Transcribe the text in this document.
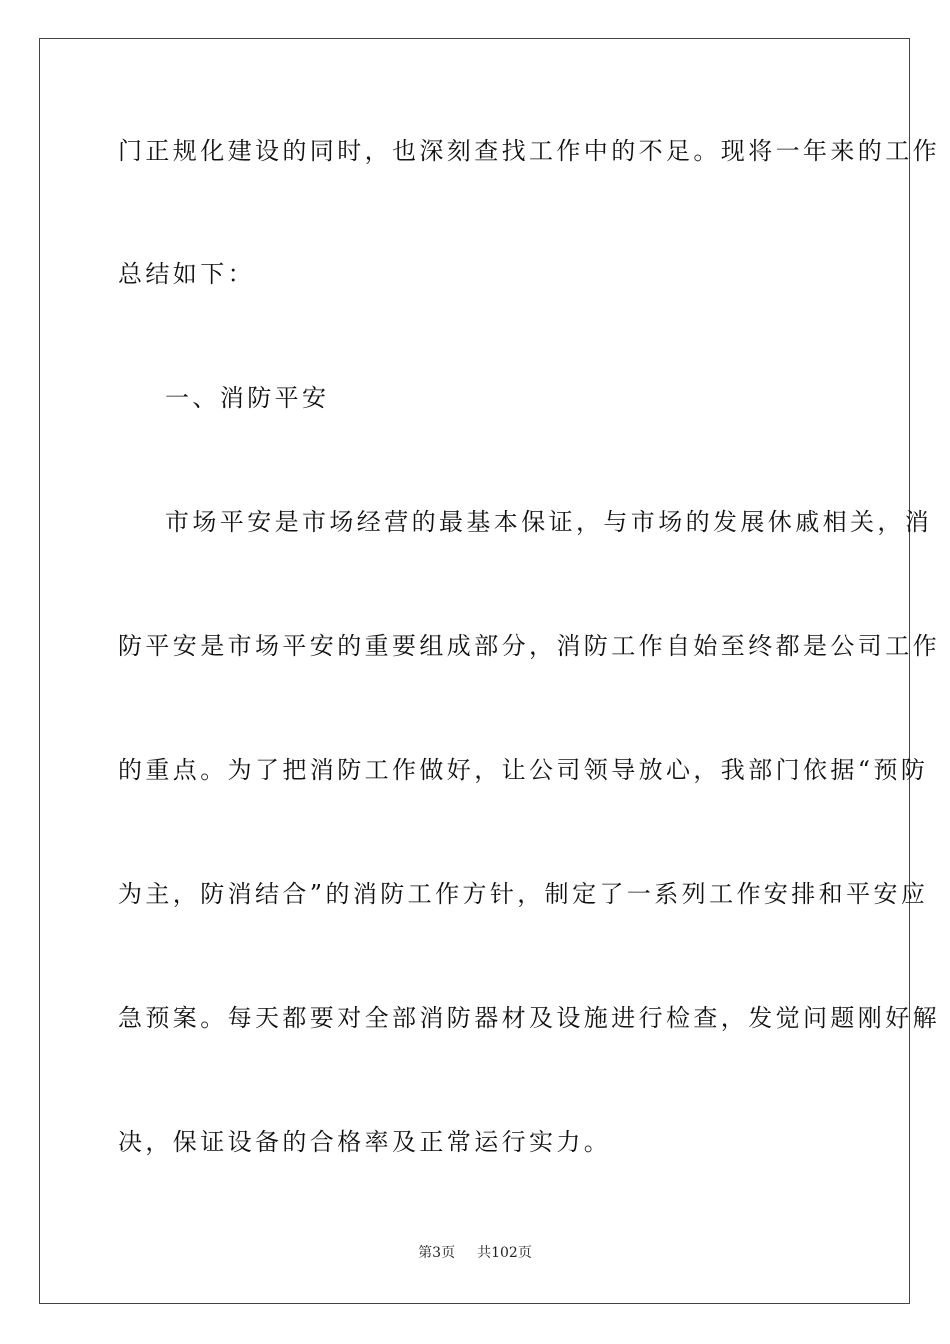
门正规化建设的同时，也深刻查找工作中的不足。现将一年来的工作
总结如下：
一、消防平安
市场平安是市场经营的最基本保证，与市场的发展休戚相关，消
防平安是市场平安的重要组成部分，消防工作自始至终都是公司工作
的重点。为了把消防工作做好，让公司领导放心，我部门依据“预防
为主，防消结合”的消防工作方针，制定了一系列工作安排和平安应
急预案。每天都要对全部消防器材及设施进行检查，发觉问题刚好解
决，保证设备的合格率及正常运行实力。
第3页 共102页
